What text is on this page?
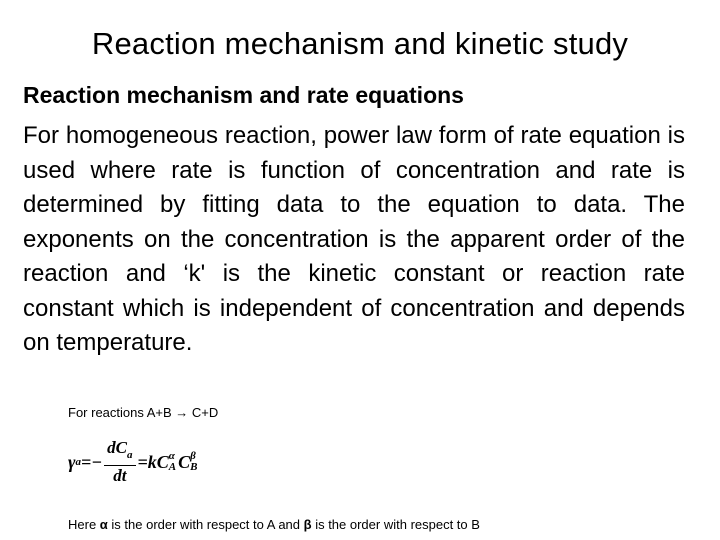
Reaction mechanism and kinetic study
Reaction mechanism and rate equations

For homogeneous reaction, power law form of rate equation is used where rate is function of concentration and rate is determined by fitting data to the equation to data. The exponents on the concentration is the apparent order of the reaction and ‘k' is the kinetic constant or reaction rate constant which is independent of concentration and depends on temperature.

For reactions A+B → C+D
γ $a =- \frac{dC_a}{dt} =kC$ α
A C β
B
Here α is the order with respect to A and β is the order with respect to B
